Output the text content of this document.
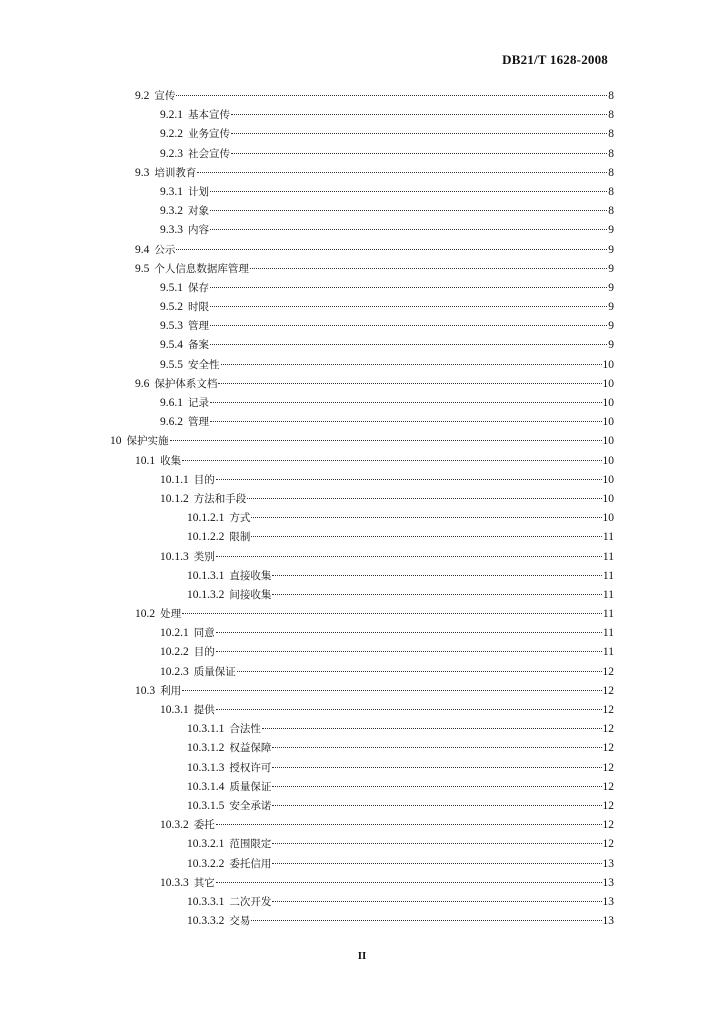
DB21/T 1628-2008
9.2 宣传	8
9.2.1 基本宣传	8
9.2.2 业务宣传	8
9.2.3 社会宣传	8
9.3 培训教育	8
9.3.1 计划	8
9.3.2 对象	8
9.3.3 内容	9
9.4 公示	9
9.5 个人信息数据库管理	9
9.5.1 保存	9
9.5.2 时限	9
9.5.3 管理	9
9.5.4 备案	9
9.5.5 安全性	10
9.6 保护体系文档	10
9.6.1 记录	10
9.6.2 管理	10
10 保护实施	10
10.1 收集	10
10.1.1 目的	10
10.1.2 方法和手段	10
10.1.2.1 方式	10
10.1.2.2 限制	11
10.1.3 类别	11
10.1.3.1 直接收集	11
10.1.3.2 间接收集	11
10.2 处理	11
10.2.1 同意	11
10.2.2 目的	11
10.2.3 质量保证	12
10.3 利用	12
10.3.1 提供	12
10.3.1.1 合法性	12
10.3.1.2 权益保障	12
10.3.1.3 授权许可	12
10.3.1.4 质量保证	12
10.3.1.5 安全承诺	12
10.3.2 委托	12
10.3.2.1 范围限定	12
10.3.2.2 委托信用	13
10.3.3 其它	13
10.3.3.1 二次开发	13
10.3.3.2 交易	13
II
